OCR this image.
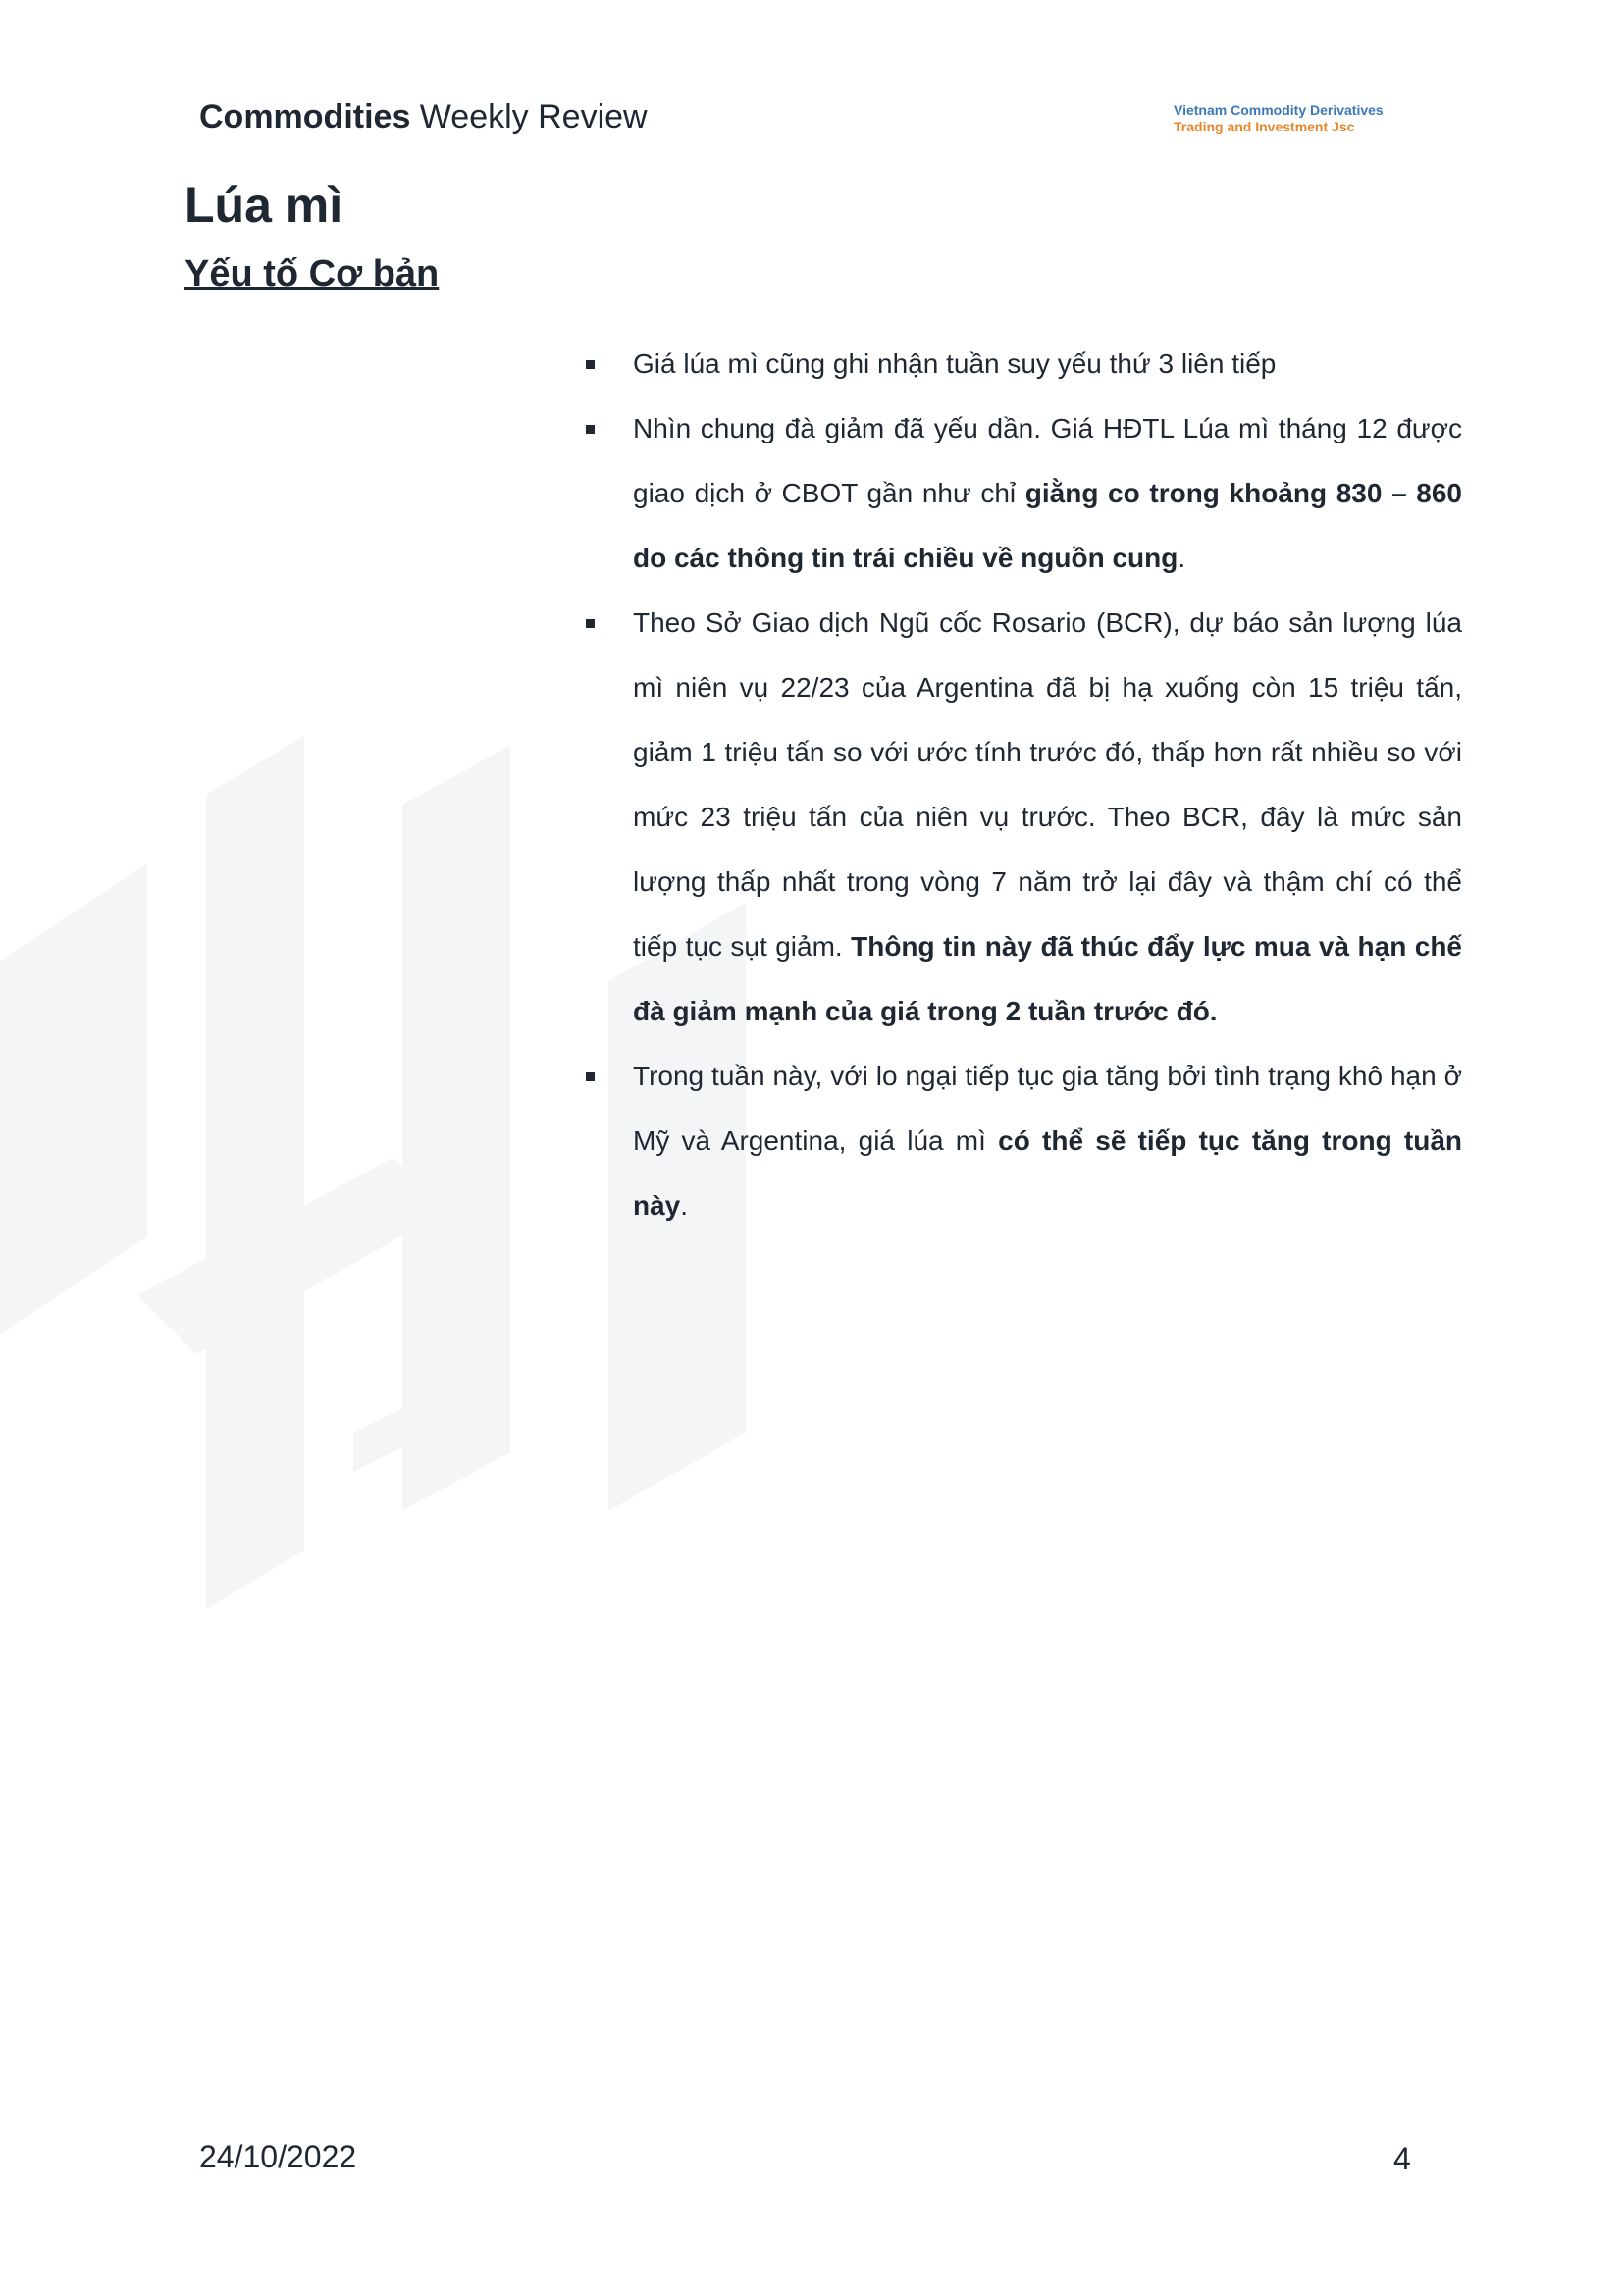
Commodities Weekly Review	Vietnam Commodity Derivatives
Trading and Investment Jsc
Lúa mì
Yếu tố Cơ bản
Giá lúa mì cũng ghi nhận tuần suy yếu thứ 3 liên tiếp
Nhìn chung đà giảm đã yếu dần. Giá HĐTL Lúa mì tháng 12 được giao dịch ở CBOT gần như chỉ giằng co trong khoảng 830 – 860 do các thông tin trái chiều về nguồn cung.
Theo Sở Giao dịch Ngũ cốc Rosario (BCR), dự báo sản lượng lúa mì niên vụ 22/23 của Argentina đã bị hạ xuống còn 15 triệu tấn, giảm 1 triệu tấn so với ước tính trước đó, thấp hơn rất nhiều so với mức 23 triệu tấn của niên vụ trước. Theo BCR, đây là mức sản lượng thấp nhất trong vòng 7 năm trở lại đây và thậm chí có thể tiếp tục sụt giảm. Thông tin này đã thúc đẩy lực mua và hạn chế đà giảm mạnh của giá trong 2 tuần trước đó.
Trong tuần này, với lo ngại tiếp tục gia tăng bởi tình trạng khô hạn ở Mỹ và Argentina, giá lúa mì có thể sẽ tiếp tục tăng trong tuần này.
24/10/2022	4
